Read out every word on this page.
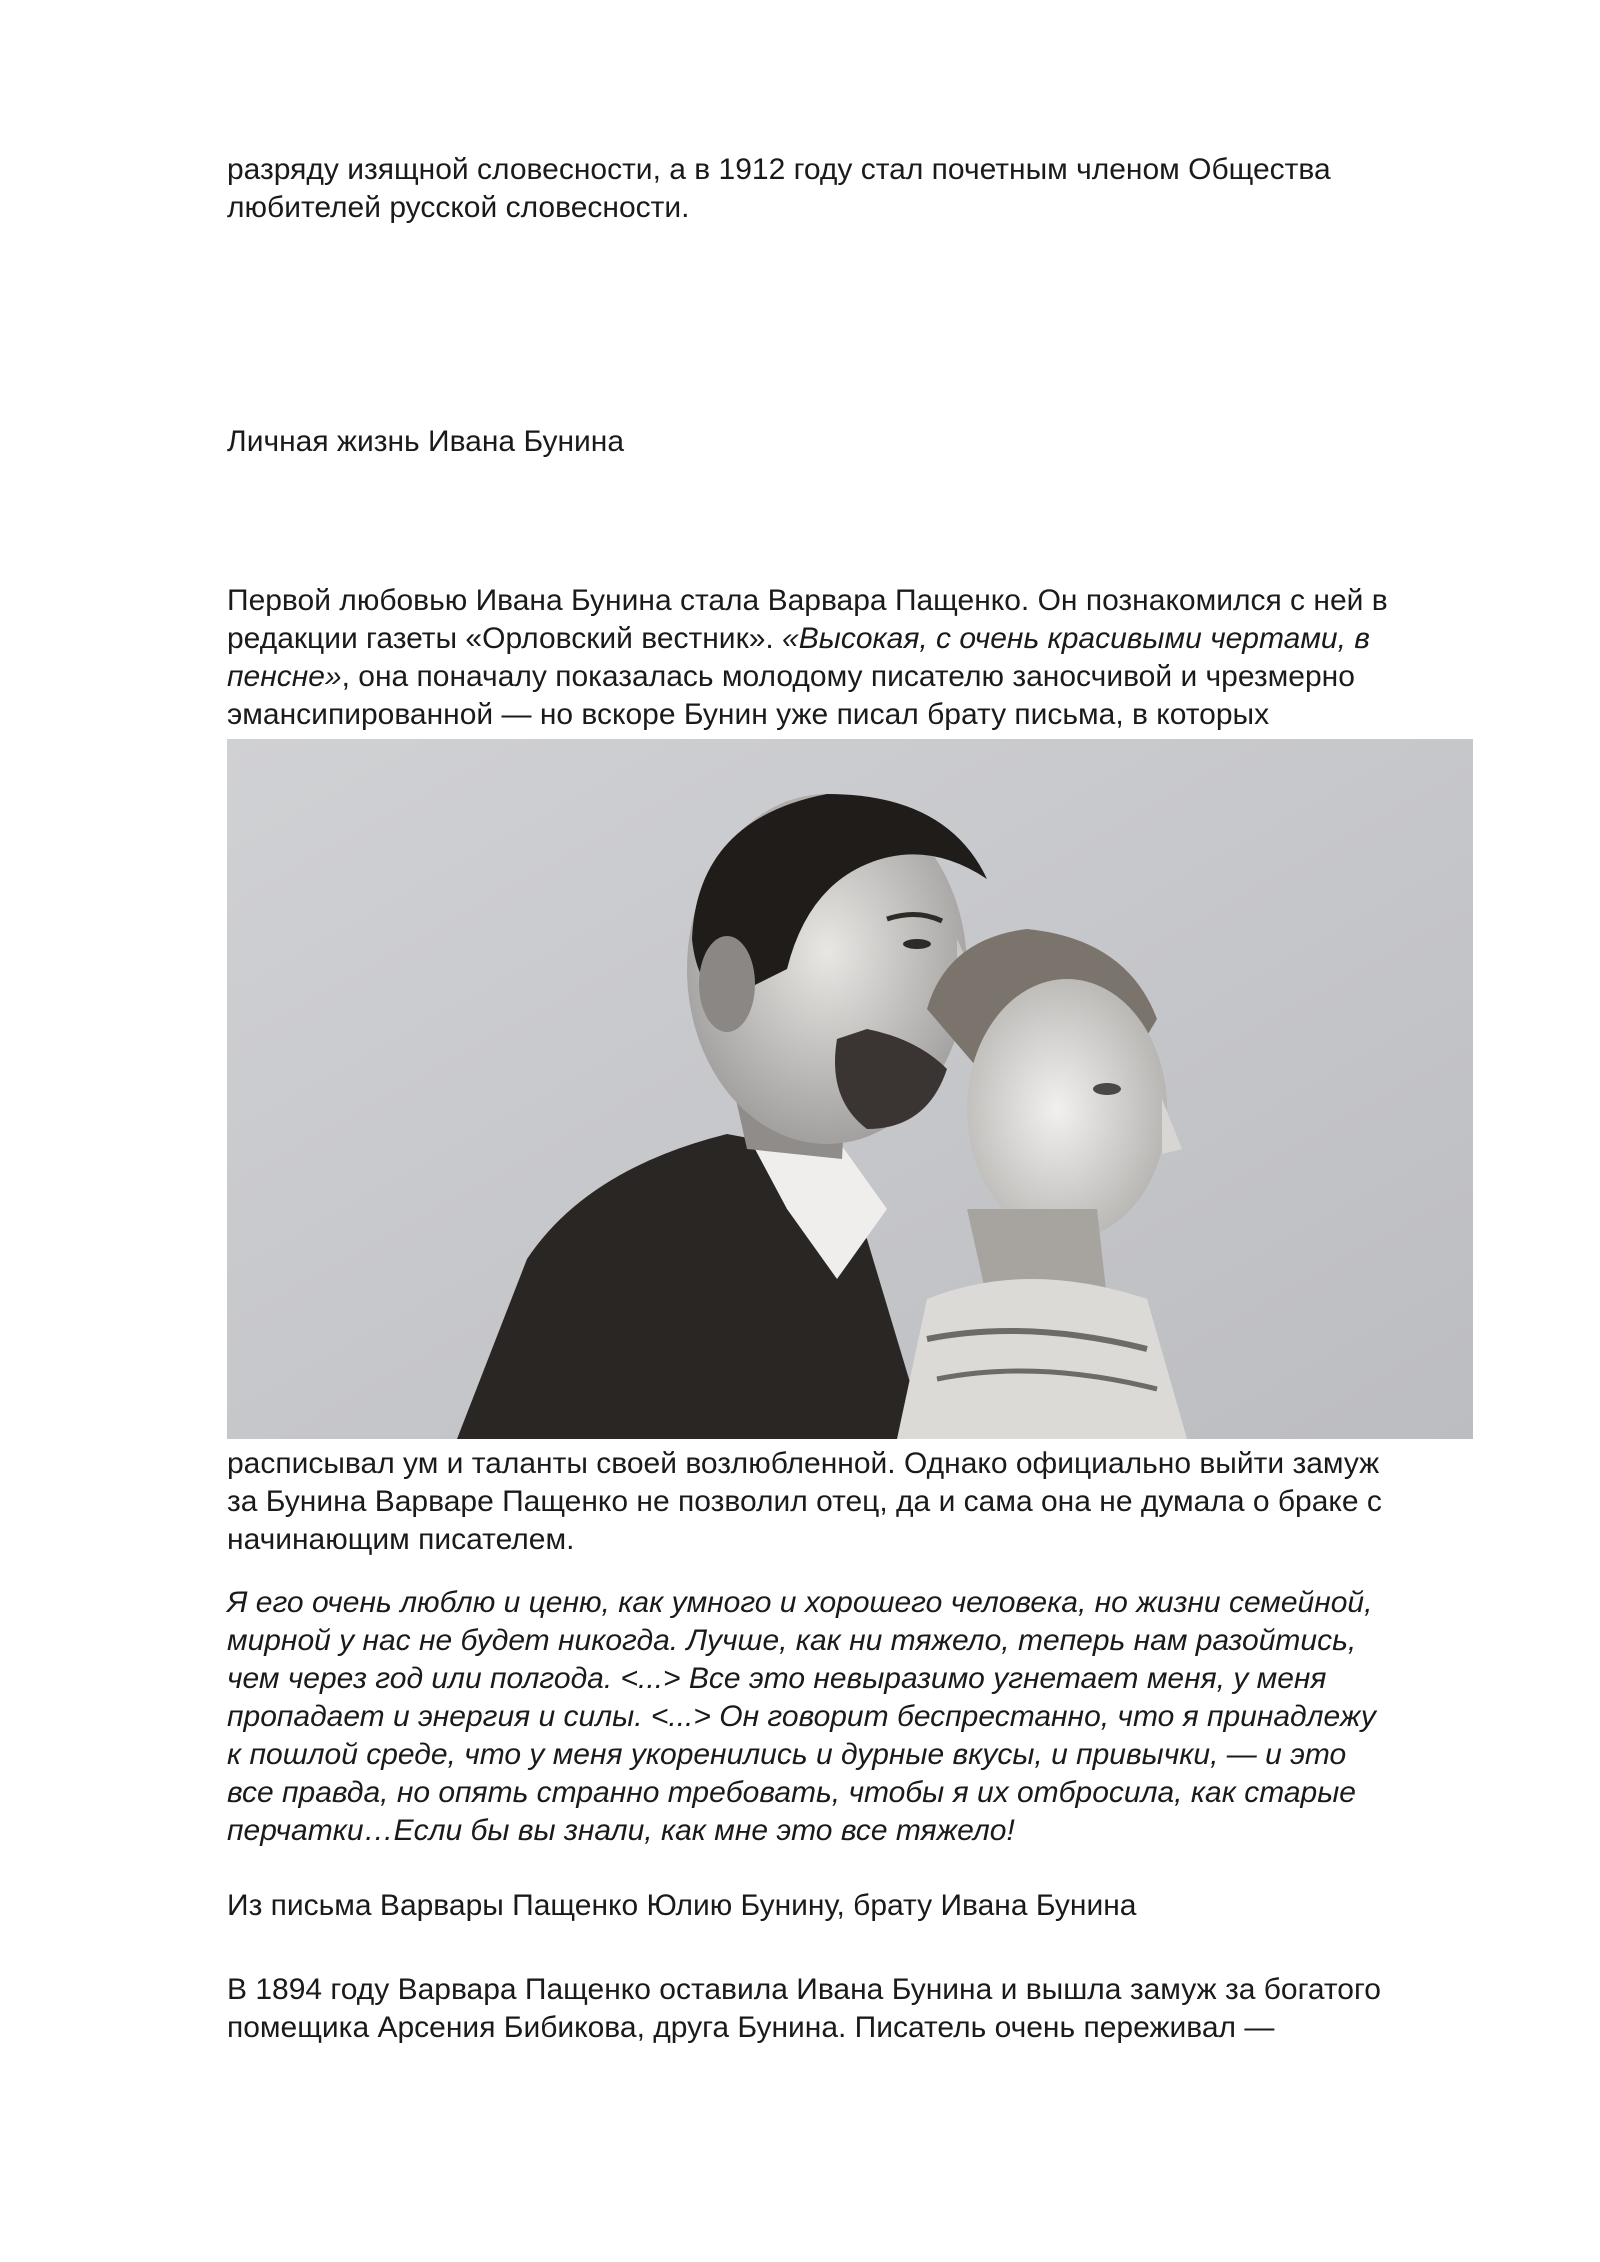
разряду изящной словесности, а в 1912 году стал почетным членом Общества
любителей русской словесности.

Личная жизнь Ивана Бунина

Первой любовью Ивана Бунина стала Варвара Пащенко. Он познакомился с ней в
редакции газеты «Орловский вестник». «Высокая, с очень красивыми чертами, в
пенсне», она поначалу показалась молодому писателю заносчивой и чрезмерно
эмансипированной — но вскоре Бунин уже писал брату письма, в которых

расписывал ум и таланты своей возлюбленной. Однако официально выйти замуж
за Бунина Варваре Пащенко не позволил отец, да и сама она не думала о браке с
начинающим писателем.

Я его очень люблю и ценю, как умного и хорошего человека, но жизни семейной,
мирной у нас не будет никогда. Лучше, как ни тяжело, теперь нам разойтись,
чем через год или полгода. <...> Все это невыразимо угнетает меня, у меня
пропадает и энергия и силы. <...> Он говорит беспрестанно, что я принадлежу
к пошлой среде, что у меня укоренились и дурные вкусы, и привычки, — и это
все правда, но опять странно требовать, чтобы я их отбросила, как старые
перчатки…Если бы вы знали, как мне это все тяжело!

Из письма Варвары Пащенко Юлию Бунину, брату Ивана Бунина

В 1894 году Варвара Пащенко оставила Ивана Бунина и вышла замуж за богатого
помещика Арсения Бибикова, друга Бунина. Писатель очень переживал —
